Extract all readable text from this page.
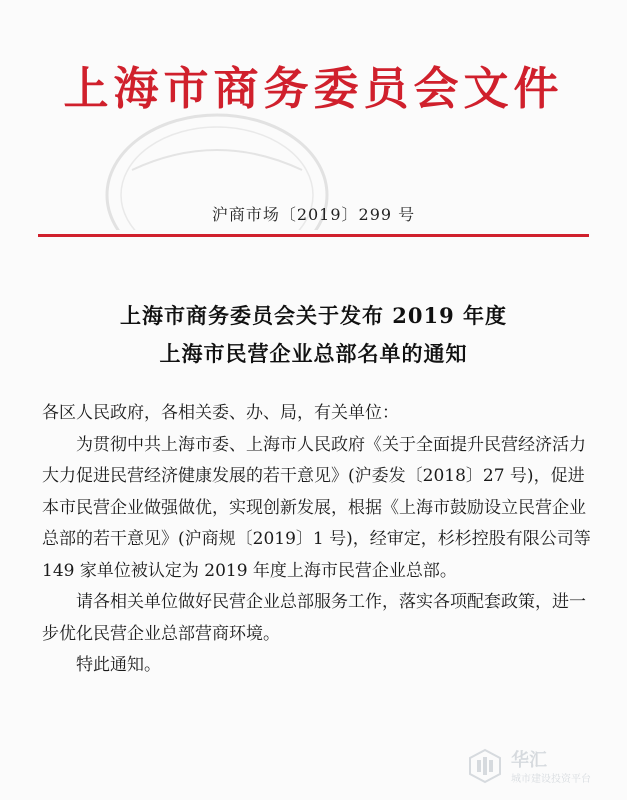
上海市商务委员会文件
沪商市场〔2019〕299 号
上海市商务委员会关于发布 2019 年度
上海市民营企业总部名单的通知

各区人民政府，各相关委、办、局，有关单位：

为贯彻中共上海市委、上海市人民政府《关于全面提升民营经济活力大力促进民营经济健康发展的若干意见》(沪委发〔2018〕27 号)，促进本市民营企业做强做优，实现创新发展，根据《上海市鼓励设立民营企业总部的若干意见》(沪商规〔2019〕1 号)，经审定，杉杉控股有限公司等 149 家单位被认定为 2019 年度上海市民营企业总部。

请各相关单位做好民营企业总部服务工作，落实各项配套政策，进一步优化民营企业总部营商环境。

特此通知。

华汇
城市建设投资平台
